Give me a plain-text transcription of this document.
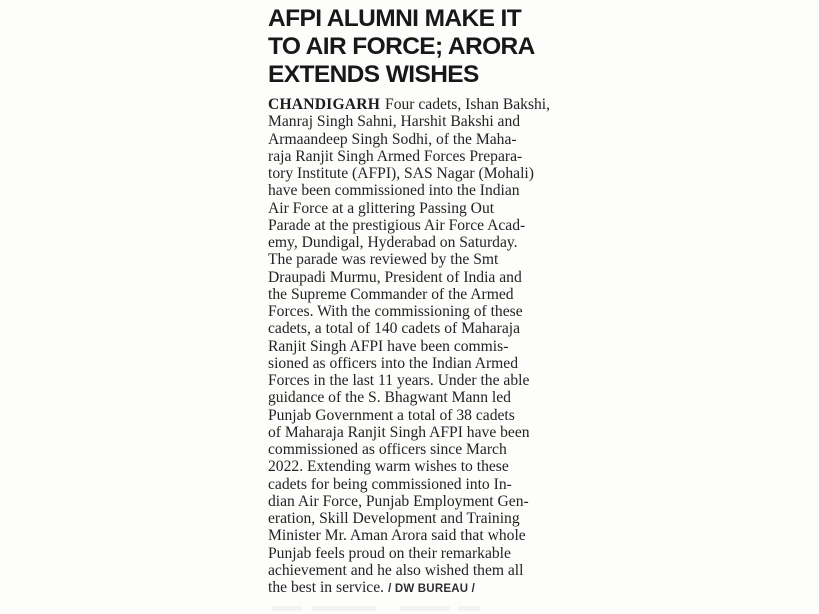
AFPI ALUMNI MAKE IT
TO AIR FORCE; ARORA
EXTENDS WISHES
CHANDIGARH Four cadets, Ishan Bakshi,
Manraj Singh Sahni, Harshit Bakshi and
Armaandeep Singh Sodhi, of the Maha-
raja Ranjit Singh Armed Forces Prepara-
tory Institute (AFPI), SAS Nagar (Mohali)
have been commissioned into the Indian
Air Force at a glittering Passing Out
Parade at the prestigious Air Force Acad-
emy, Dundigal, Hyderabad on Saturday.
The parade was reviewed by the Smt
Draupadi Murmu, President of India and
the Supreme Commander of the Armed
Forces. With the commissioning of these
cadets, a total of 140 cadets of Maharaja
Ranjit Singh AFPI have been commis-
sioned as officers into the Indian Armed
Forces in the last 11 years. Under the able
guidance of the S. Bhagwant Mann led
Punjab Government a total of 38 cadets
of Maharaja Ranjit Singh AFPI have been
commissioned as officers since March
2022. Extending warm wishes to these
cadets for being commissioned into In-
dian Air Force, Punjab Employment Gen-
eration, Skill Development and Training
Minister Mr. Aman Arora said that whole
Punjab feels proud on their remarkable
achievement and he also wished them all
the best in service. / DW BUREAU /
